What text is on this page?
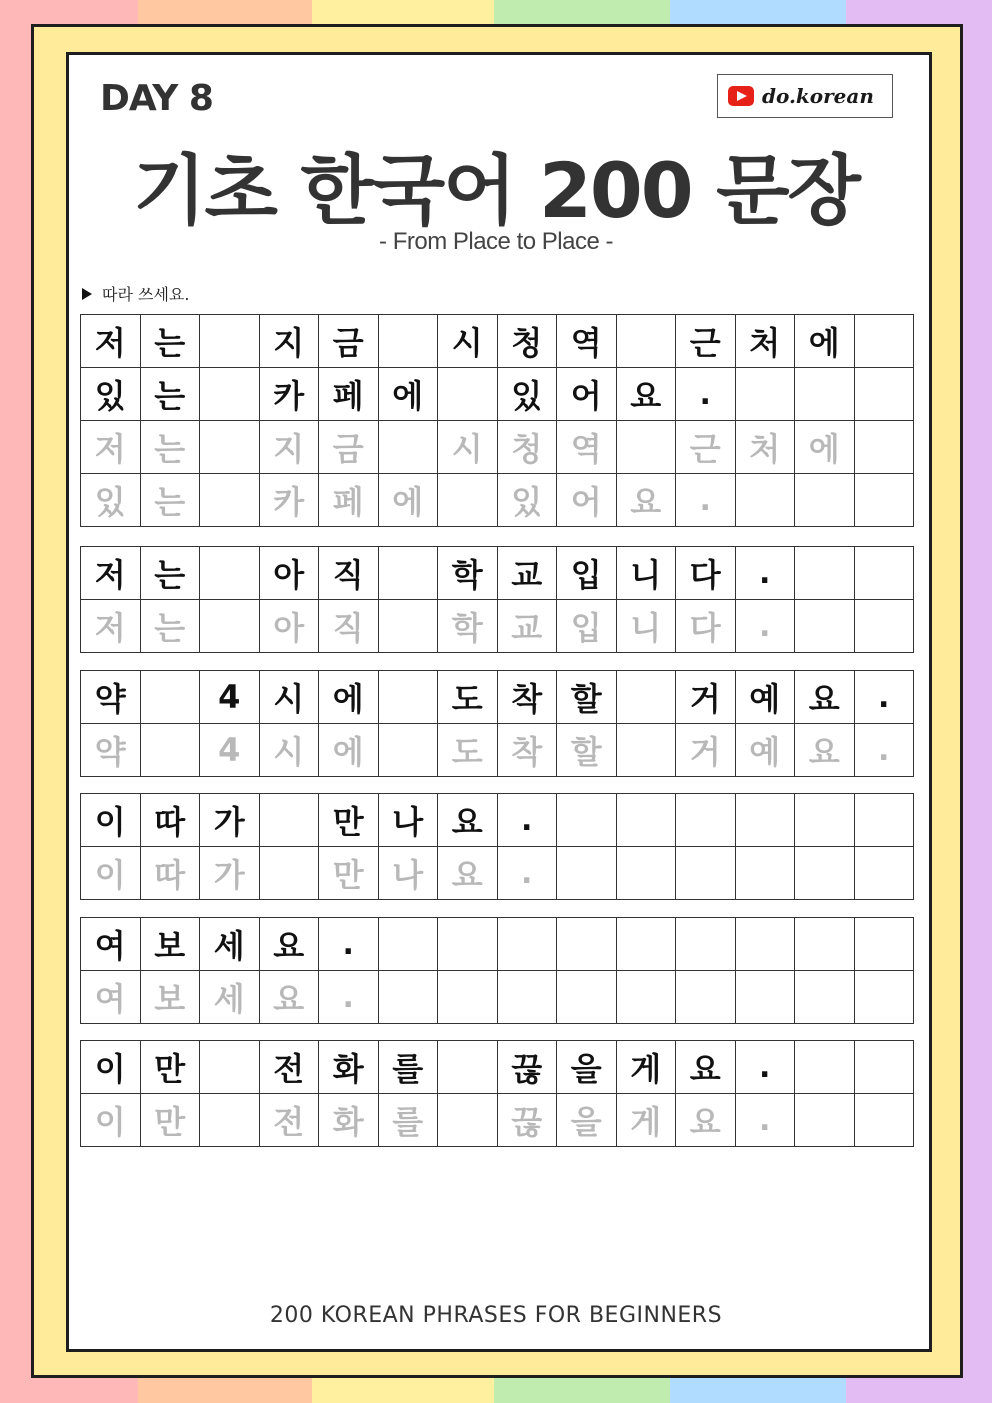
DAY 8	do.korean
기초 한국어 200 문장
- From Place to Place -
따라 쓰세요.
저	는		지	금		시	청	역		근	처	에	
있	는		카	페	에		있	어	요	.			
저	는		지	금		시	청	역		근	처	에	
있	는		카	페	에		있	어	요	.			
저	는		아	직		학	교	입	니	다	.		
저	는		아	직		학	교	입	니	다	.		
약		4	시	에		도	착	할		거	예	요	.
약		4	시	에		도	착	할		거	예	요	.
이	따	가		만	나	요	.						
이	따	가		만	나	요	.						
여	보	세	요	.									
여	보	세	요	.									
이	만		전	화	를		끊	을	게	요	.		
이	만		전	화	를		끊	을	게	요	.		
200 KOREAN PHRASES FOR BEGINNERS
